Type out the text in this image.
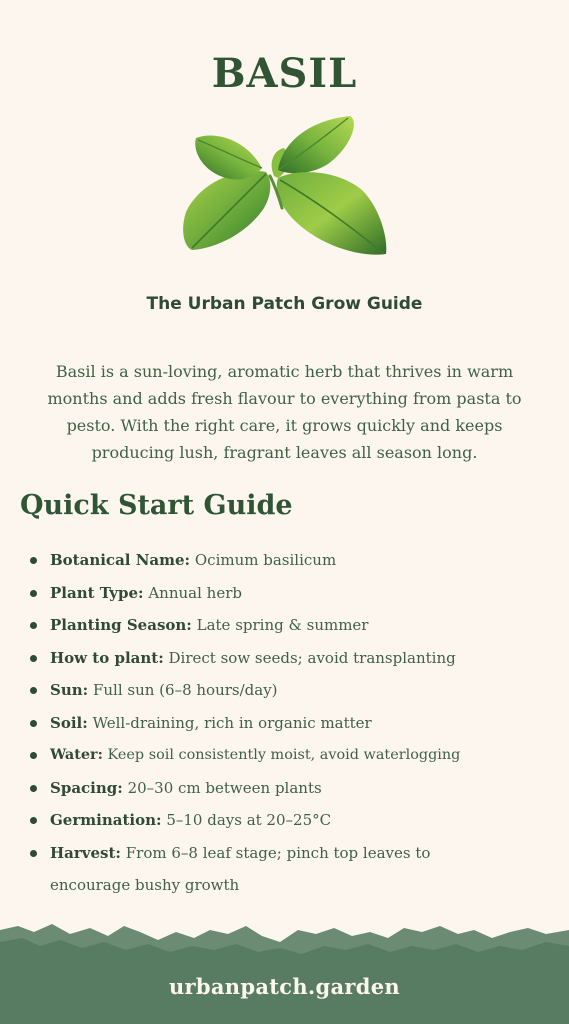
BASIL
The Urban Patch Grow Guide

Basil is a sun-loving, aromatic herb that thrives in warm months and adds fresh flavour to everything from pasta to pesto. With the right care, it grows quickly and keeps producing lush, fragrant leaves all season long.

Quick Start Guide
Botanical Name: Ocimum basilicum
Plant Type: Annual herb
Planting Season: Late spring & summer
How to plant: Direct sow seeds; avoid transplanting
Sun: Full sun (6–8 hours/day)
Soil: Well-draining, rich in organic matter
Water: Keep soil consistently moist, avoid waterlogging
Spacing: 20–30 cm between plants
Germination: 5–10 days at 20–25°C
Harvest: From 6–8 leaf stage; pinch top leaves to encourage bushy growth

urbanpatch.garden
